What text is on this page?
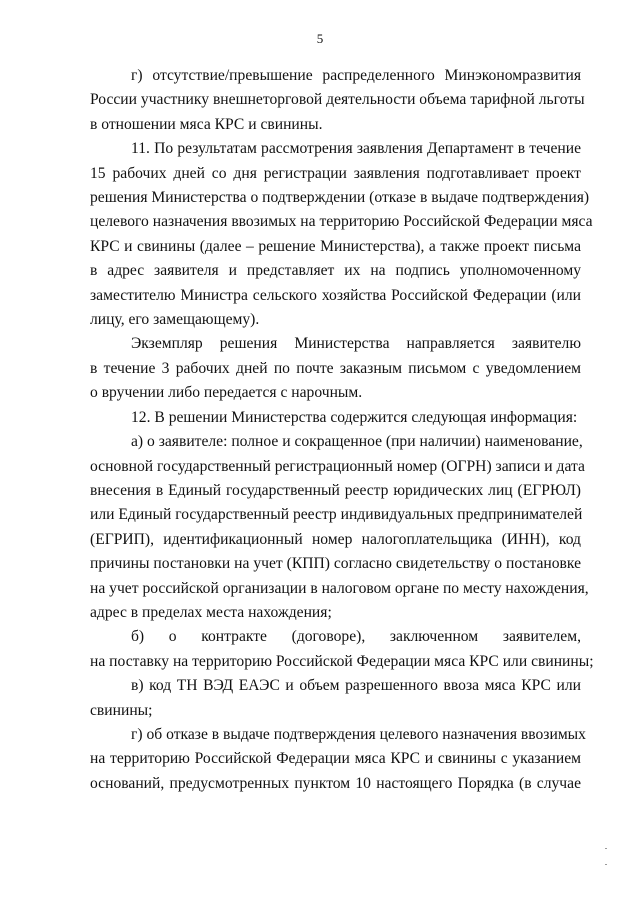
5
г) отсутствие/превышение распределенного Минэкономразвития
России участнику внешнеторговой деятельности объема тарифной льготы
в отношении мяса КРС и свинины.
11. По результатам рассмотрения заявления Департамент в течение
15 рабочих дней со дня регистрации заявления подготавливает проект
решения Министерства о подтверждении (отказе в выдаче подтверждения)
целевого назначения ввозимых на территорию Российской Федерации мяса
КРС и свинины (далее – решение Министерства), а также проект письма
в адрес заявителя и представляет их на подпись уполномоченному
заместителю Министра сельского хозяйства Российской Федерации (или
лицу, его замещающему).
Экземпляр решения Министерства направляется заявителю
в течение 3 рабочих дней по почте заказным письмом с уведомлением
о вручении либо передается с нарочным.
12. В решении Министерства содержится следующая информация:
а) о заявителе: полное и сокращенное (при наличии) наименование,
основной государственный регистрационный номер (ОГРН) записи и дата
внесения в Единый государственный реестр юридических лиц (ЕГРЮЛ)
или Единый государственный реестр индивидуальных предпринимателей
(ЕГРИП), идентификационный номер налогоплательщика (ИНН), код
причины постановки на учет (КПП) согласно свидетельству о постановке
на учет российской организации в налоговом органе по месту нахождения,
адрес в пределах места нахождения;
б) о контракте (договоре), заключенном заявителем,
на поставку на территорию Российской Федерации мяса КРС или свинины;
в) код ТН ВЭД ЕАЭС и объем разрешенного ввоза мяса КРС или
свинины;
г) об отказе в выдаче подтверждения целевого назначения ввозимых
на территорию Российской Федерации мяса КРС и свинины с указанием
оснований, предусмотренных пунктом 10 настоящего Порядка (в случае
